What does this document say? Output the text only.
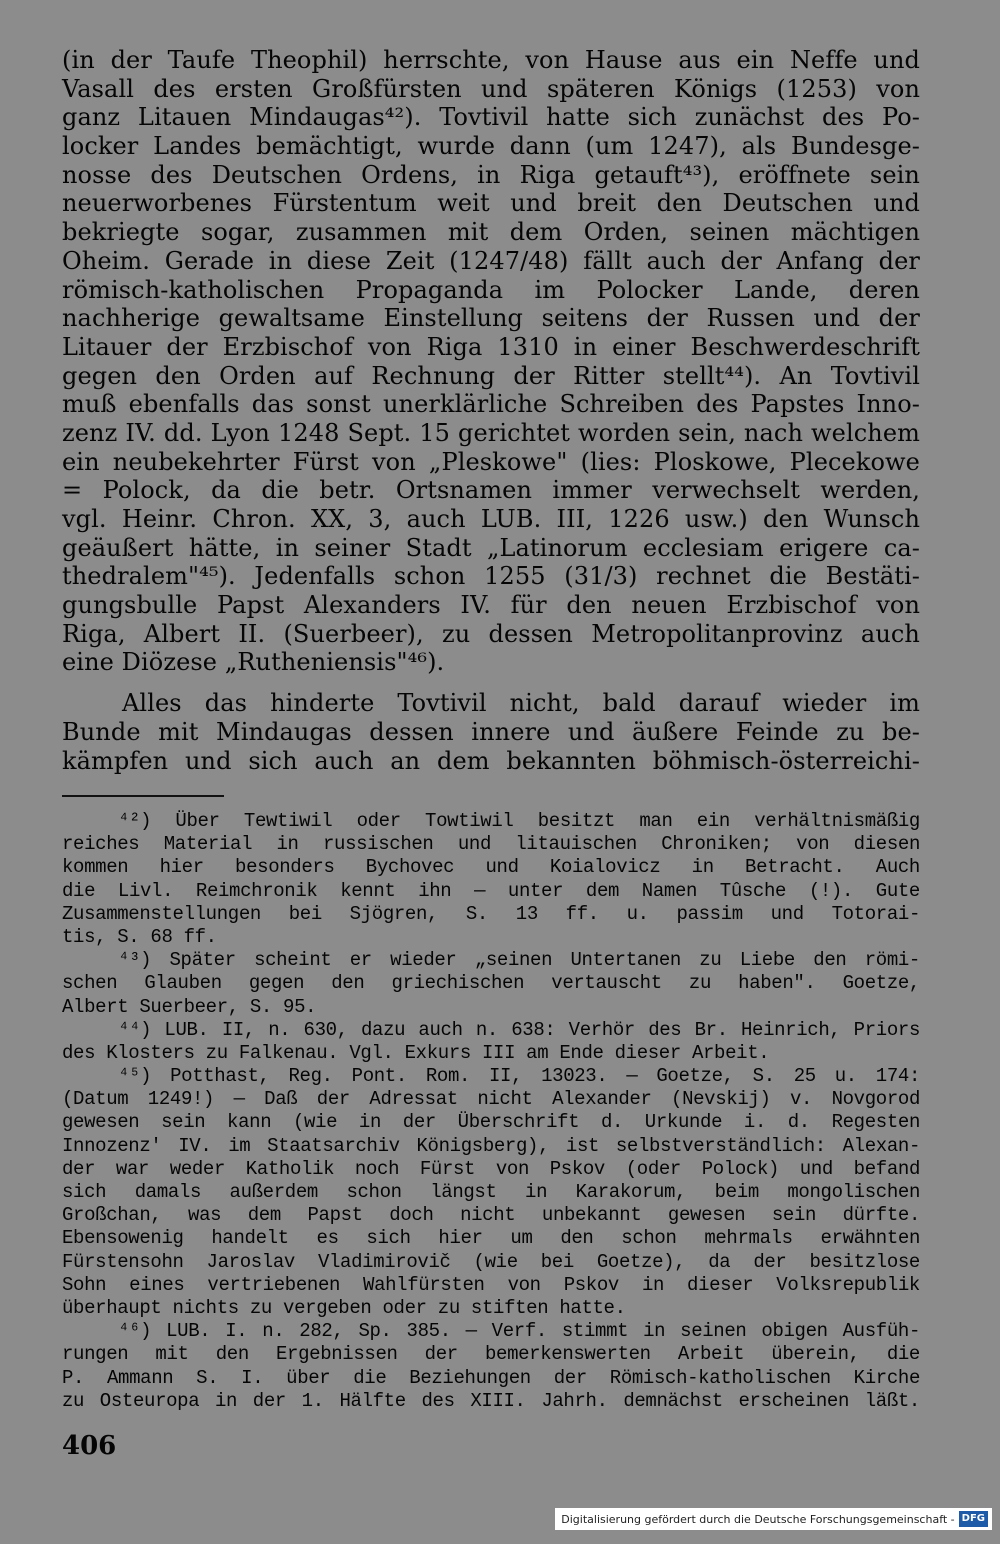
(in der Taufe Theophil) herrschte, von Hause aus ein Neffe und
Vasall des ersten Großfürsten und späteren Königs (1253) von
ganz Litauen Mindaugas⁴²). Tovtivil hatte sich zunächst des Po-
locker Landes bemächtigt, wurde dann (um 1247), als Bundesge-
nosse des Deutschen Ordens, in Riga getauft⁴³), eröffnete sein
neuerworbenes Fürstentum weit und breit den Deutschen und
bekriegte sogar, zusammen mit dem Orden, seinen mächtigen
Oheim. Gerade in diese Zeit (1247/48) fällt auch der Anfang der
römisch-katholischen Propaganda im Polocker Lande, deren
nachherige gewaltsame Einstellung seitens der Russen und der
Litauer der Erzbischof von Riga 1310 in einer Beschwerdeschrift
gegen den Orden auf Rechnung der Ritter stellt⁴⁴). An Tovtivil
muß ebenfalls das sonst unerklärliche Schreiben des Papstes Inno-
zenz IV. dd. Lyon 1248 Sept. 15 gerichtet worden sein, nach welchem
ein neubekehrter Fürst von „Pleskowe" (lies: Ploskowe, Plecekowe
= Polock, da die betr. Ortsnamen immer verwechselt werden,
vgl. Heinr. Chron. XX, 3, auch LUB. III, 1226 usw.) den Wunsch
geäußert hätte, in seiner Stadt „Latinorum ecclesiam erigere ca-
thedralem"⁴⁵). Jedenfalls schon 1255 (31/3) rechnet die Bestäti-
gungsbulle Papst Alexanders IV. für den neuen Erzbischof von
Riga, Albert II. (Suerbeer), zu dessen Metropolitanprovinz auch
eine Diözese „Rutheniensis"⁴⁶).
Alles das hinderte Tovtivil nicht, bald darauf wieder im
Bunde mit Mindaugas dessen innere und äußere Feinde zu be-
kämpfen und sich auch an dem bekannten böhmisch-österreichi-
⁴²) Über Tewtiwil oder Towtiwil besitzt man ein verhältnismäßig
reiches Material in russischen und litauischen Chroniken; von diesen
kommen hier besonders Bychovec und Koialovicz in Betracht. Auch
die Livl. Reimchronik kennt ihn — unter dem Namen Tûsche (!). Gute
Zusammenstellungen bei Sjögren, S. 13 ff. u. passim und Totorai-
tis, S. 68 ff.
⁴³) Später scheint er wieder „seinen Untertanen zu Liebe den römi-
schen Glauben gegen den griechischen vertauscht zu haben". Goetze,
Albert Suerbeer, S. 95.
⁴⁴) LUB. II, n. 630, dazu auch n. 638: Verhör des Br. Heinrich, Priors
des Klosters zu Falkenau. Vgl. Exkurs III am Ende dieser Arbeit.
⁴⁵) Potthast, Reg. Pont. Rom. II, 13023. — Goetze, S. 25 u. 174:
(Datum 1249!) — Daß der Adressat nicht Alexander (Nevskij) v. Novgorod
gewesen sein kann (wie in der Überschrift d. Urkunde i. d. Regesten
Innozenz' IV. im Staatsarchiv Königsberg), ist selbstverständlich: Alexan-
der war weder Katholik noch Fürst von Pskov (oder Polock) und befand
sich damals außerdem schon längst in Karakorum, beim mongolischen
Großchan, was dem Papst doch nicht unbekannt gewesen sein dürfte.
Ebensowenig handelt es sich hier um den schon mehrmals erwähnten
Fürstensohn Jaroslav Vladimirovič (wie bei Goetze), da der besitzlose
Sohn eines vertriebenen Wahlfürsten von Pskov in dieser Volksrepublik
überhaupt nichts zu vergeben oder zu stiften hatte.
⁴⁶) LUB. I. n. 282, Sp. 385. — Verf. stimmt in seinen obigen Ausfüh-
rungen mit den Ergebnissen der bemerkenswerten Arbeit überein, die
P. Ammann S. I. über die Beziehungen der Römisch-katholischen Kirche
zu Osteuropa in der 1. Hälfte des XIII. Jahrh. demnächst erscheinen läßt.
406
Digitalisierung gefördert durch die Deutsche Forschungsgemeinschaft - DFG
